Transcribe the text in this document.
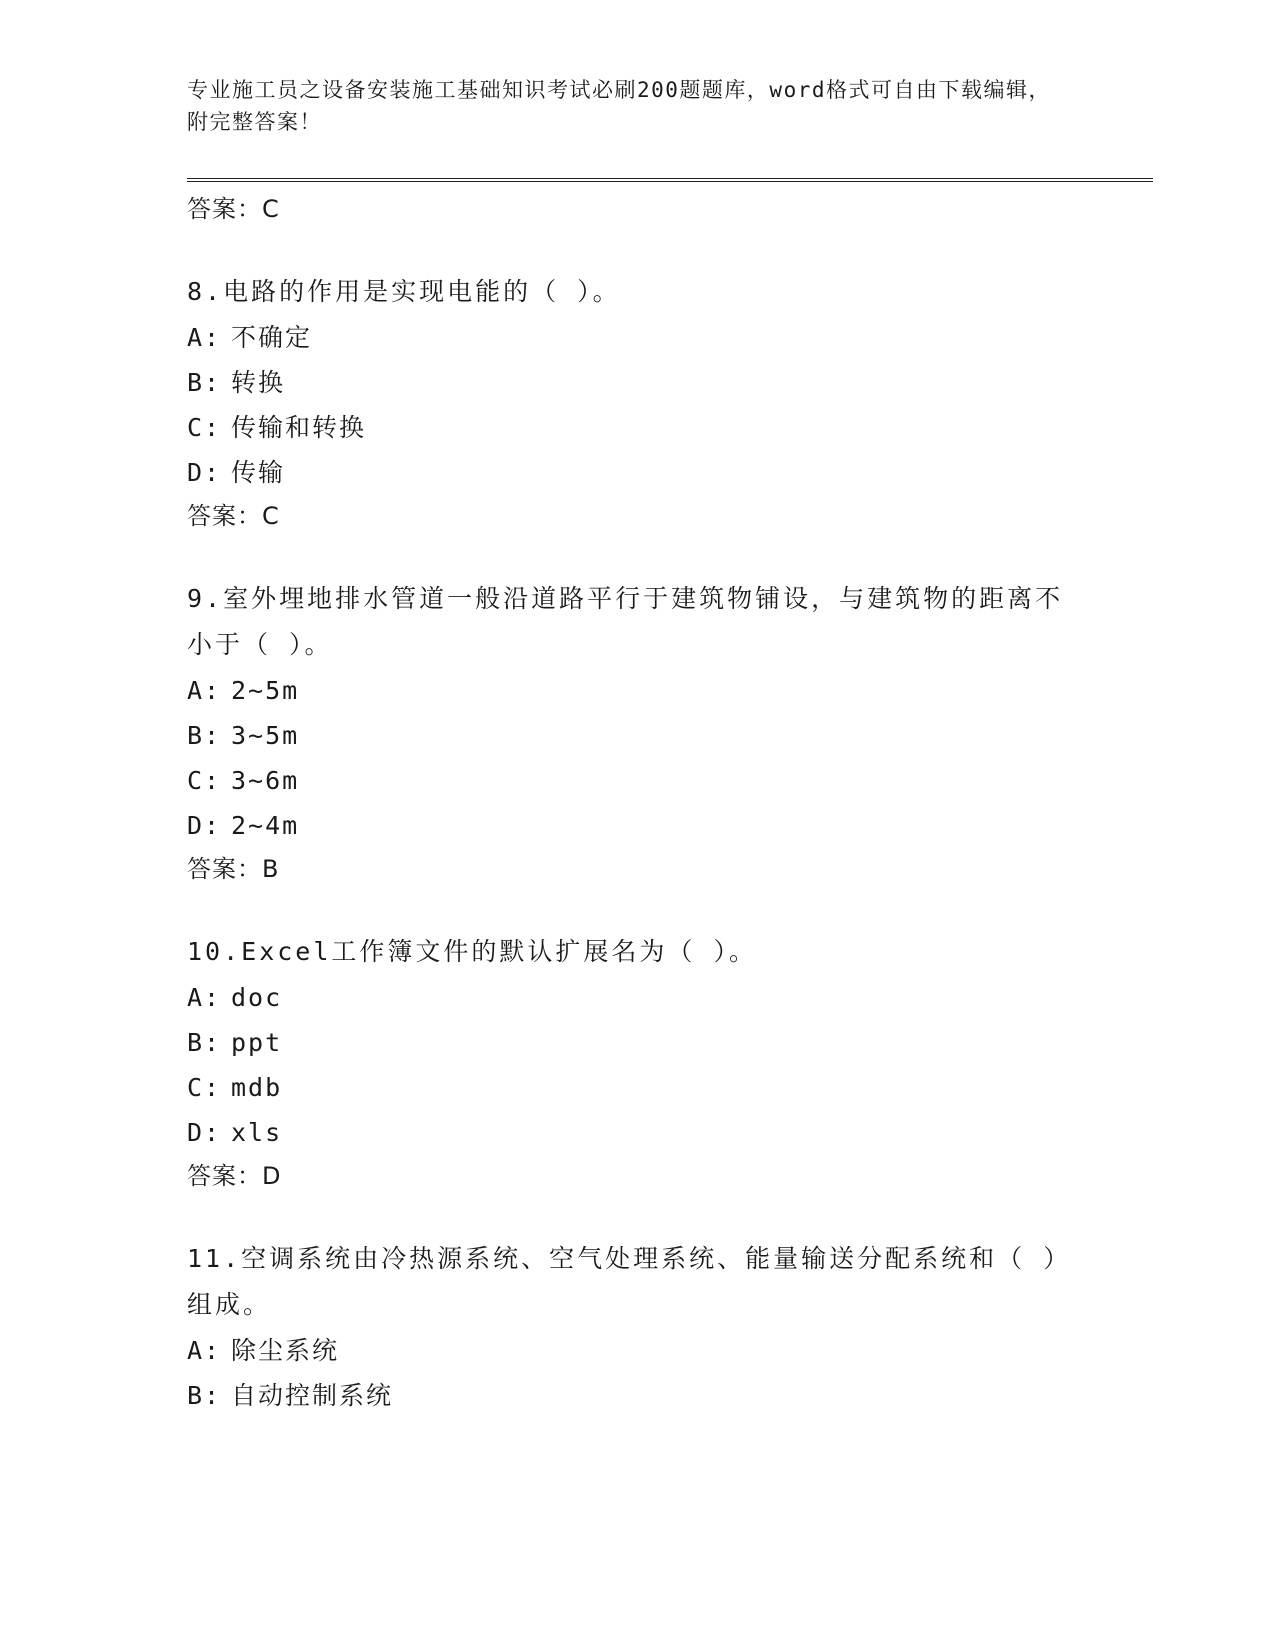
专业施工员之设备安装施工基础知识考试必刷200题题库，word格式可自由下载编辑，附完整答案！

答案：C

8.电路的作用是实现电能的（ ）。

A: 不确定

B: 转换

C: 传输和转换

D: 传输

答案：C

9.室外埋地排水管道一般沿道路平行于建筑物铺设，与建筑物的距离不小于（ ）。

A: 2~5m

B: 3~5m

C: 3~6m

D: 2~4m

答案：B

10.Excel工作簿文件的默认扩展名为（ ）。

A: doc

B: ppt

C: mdb

D: xls

答案：D

11.空调系统由冷热源系统、空气处理系统、能量输送分配系统和（ ）组成。

A: 除尘系统

B: 自动控制系统
